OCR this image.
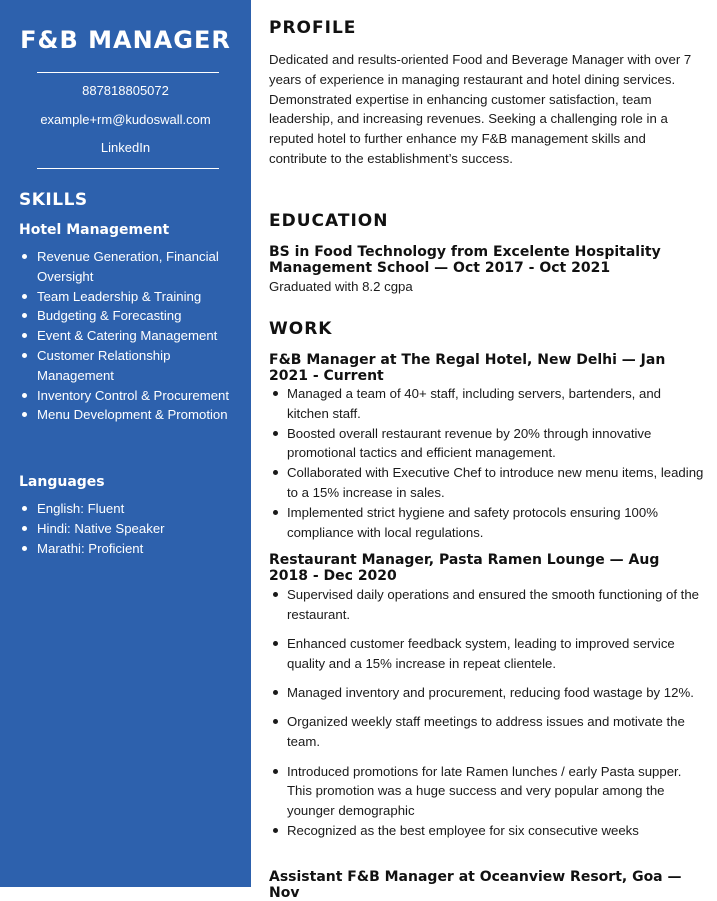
F&B MANAGER
887818805072
example+rm@kudoswall.com
LinkedIn
SKILLS
Hotel Management
Revenue Generation, Financial Oversight
Team Leadership & Training
Budgeting & Forecasting
Event & Catering Management
Customer Relationship Management
Inventory Control & Procurement
Menu Development & Promotion
Languages
English: Fluent
Hindi: Native Speaker
Marathi: Proficient
PROFILE

Dedicated and results-oriented Food and Beverage Manager with over 7 years of experience in managing restaurant and hotel dining services. Demonstrated expertise in enhancing customer satisfaction, team leadership, and increasing revenues. Seeking a challenging role in a reputed hotel to further enhance my F&B management skills and contribute to the establishment’s success.

EDUCATION
BS in Food Technology from Excelente Hospitality Management School — Oct 2017 - Oct 2021

Graduated with 8.2 cgpa

WORK
F&B Manager at The Regal Hotel, New Delhi — Jan 2021 - Current
Managed a team of 40+ staff, including servers, bartenders, and kitchen staff.
Boosted overall restaurant revenue by 20% through innovative promotional tactics and efficient management.
Collaborated with Executive Chef to introduce new menu items, leading to a 15% increase in sales.
Implemented strict hygiene and safety protocols ensuring 100% compliance with local regulations.
Restaurant Manager, Pasta Ramen Lounge — Aug 2018 - Dec 2020
Supervised daily operations and ensured the smooth functioning of the restaurant.
Enhanced customer feedback system, leading to improved service quality and a 15% increase in repeat clientele.
Managed inventory and procurement, reducing food wastage by 12%.
Organized weekly staff meetings to address issues and motivate the team.
Introduced promotions for late Ramen lunches / early Pasta supper. This promotion was a huge success and very popular among the younger demographic
Recognized as the best employee for six consecutive weeks
Assistant F&B Manager at Oceanview Resort, Goa — Nov
